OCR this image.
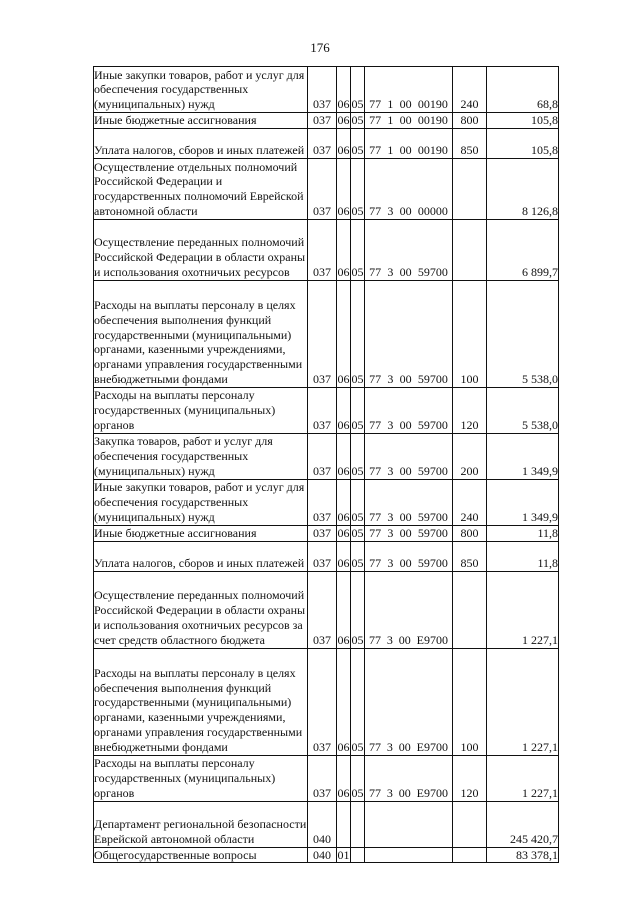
176
Иные закупки товаров, работ и услуг для обеспечения государственных (муниципальных) нужд	037	06	05	77 1 00 00190	240	68,8
Иные бюджетные ассигнования	037	06	05	77 1 00 00190	800	105,8
Уплата налогов, сборов и иных платежей	037	06	05	77 1 00 00190	850	105,8
Осуществление отдельных полномочий Российской Федерации и государственных полномочий Еврейской автономной области	037	06	05	77 3 00 00000		8 126,8
Осуществление переданных полномочий Российской Федерации в области охраны и использования охотничьих ресурсов	037	06	05	77 3 00 59700		6 899,7
Расходы на выплаты персоналу в целях обеспечения выполнения функций государственными (муниципальными) органами, казенными учреждениями, органами управления государственными внебюджетными фондами	037	06	05	77 3 00 59700	100	5 538,0
Расходы на выплаты персоналу государственных (муниципальных) органов	037	06	05	77 3 00 59700	120	5 538,0
Закупка товаров, работ и услуг для обеспечения государственных (муниципальных) нужд	037	06	05	77 3 00 59700	200	1 349,9
Иные закупки товаров, работ и услуг для обеспечения государственных (муниципальных) нужд	037	06	05	77 3 00 59700	240	1 349,9
Иные бюджетные ассигнования	037	06	05	77 3 00 59700	800	11,8
Уплата налогов, сборов и иных платежей	037	06	05	77 3 00 59700	850	11,8
Осуществление переданных полномочий Российской Федерации в области охраны и использования охотничьих ресурсов за счет средств областного бюджета	037	06	05	77 3 00 E9700		1 227,1
Расходы на выплаты персоналу в целях обеспечения выполнения функций государственными (муниципальными) органами, казенными учреждениями, органами управления государственными внебюджетными фондами	037	06	05	77 3 00 E9700	100	1 227,1
Расходы на выплаты персоналу государственных (муниципальных) органов	037	06	05	77 3 00 E9700	120	1 227,1
Департамент региональной безопасности Еврейской автономной области	040					245 420,7
Общегосударственные вопросы	040	01				83 378,1
